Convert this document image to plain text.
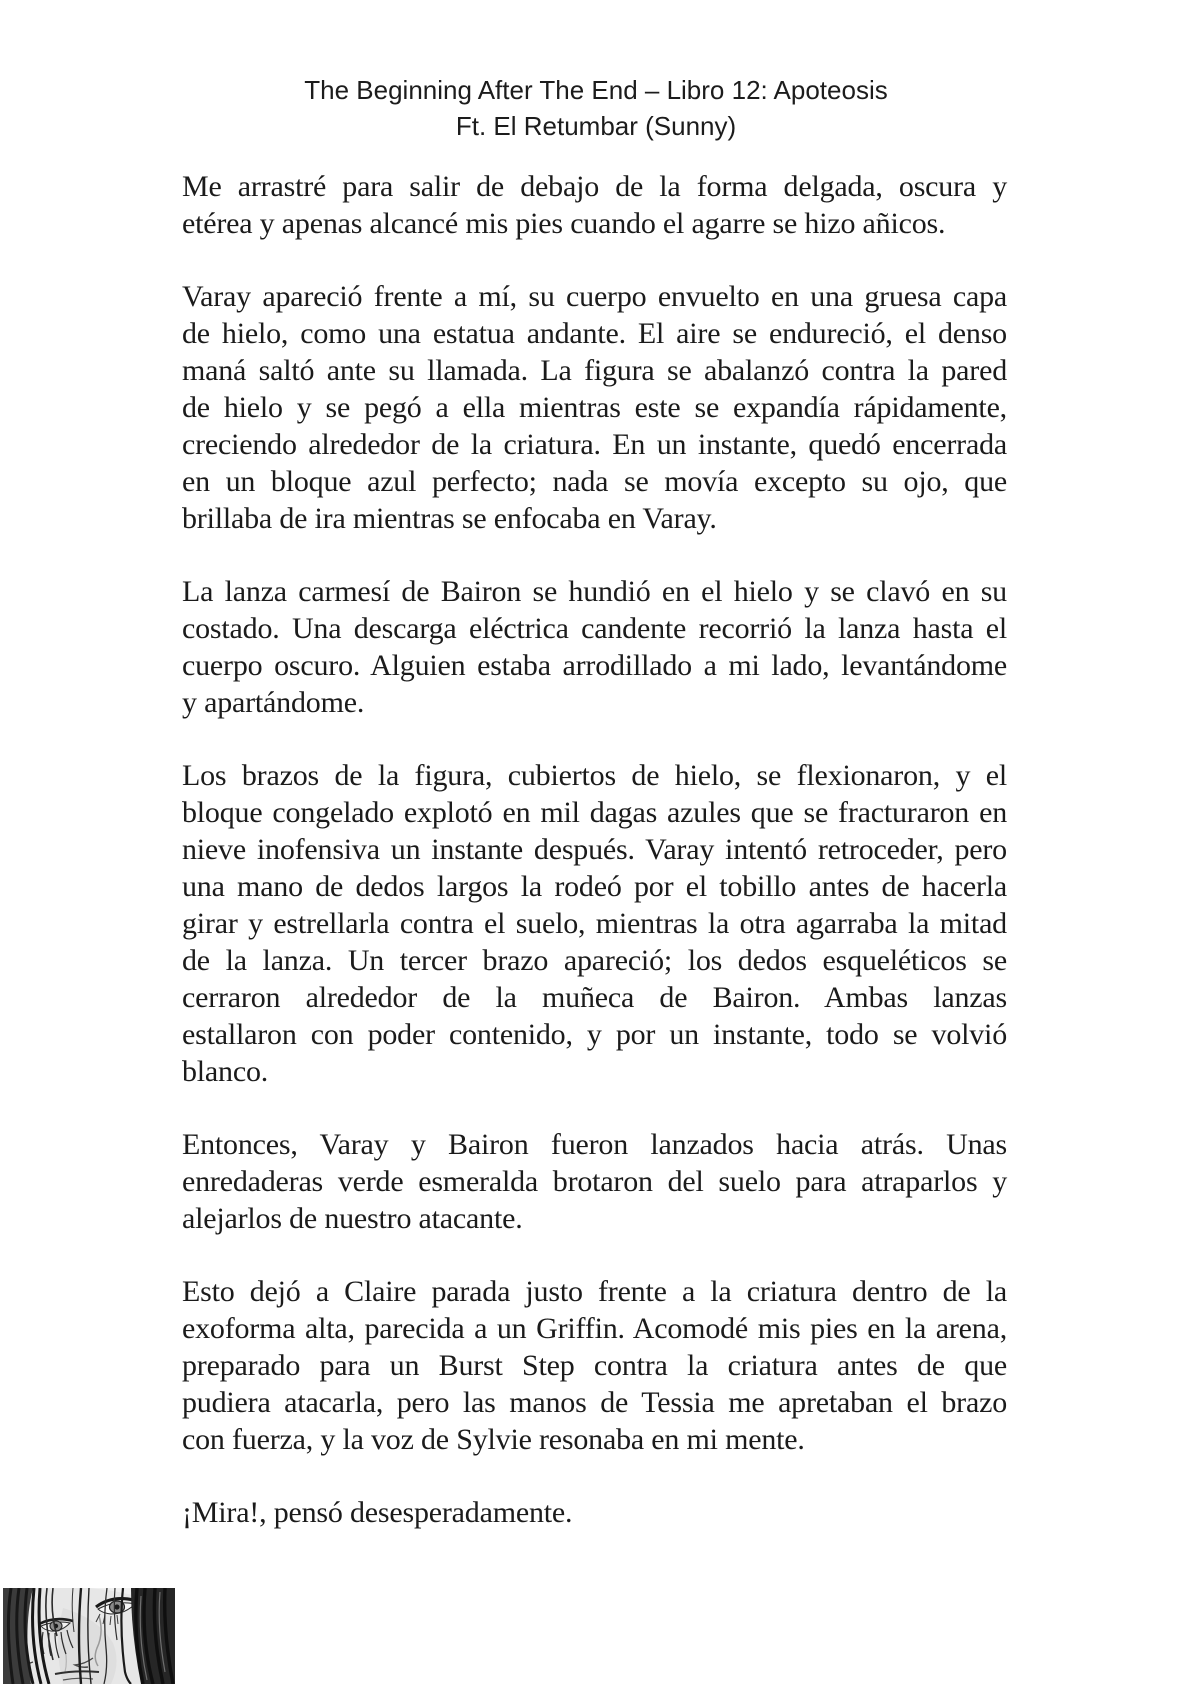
The Beginning After The End – Libro 12: Apoteosis
Ft. El Retumbar (Sunny)
Me arrastré para salir de debajo de la forma delgada, oscura y
etérea y apenas alcancé mis pies cuando el agarre se hizo añicos.
Varay apareció frente a mí, su cuerpo envuelto en una gruesa capa
de hielo, como una estatua andante. El aire se endureció, el denso
maná saltó ante su llamada. La figura se abalanzó contra la pared
de hielo y se pegó a ella mientras este se expandía rápidamente,
creciendo alrededor de la criatura. En un instante, quedó encerrada
en un bloque azul perfecto; nada se movía excepto su ojo, que
brillaba de ira mientras se enfocaba en Varay.
La lanza carmesí de Bairon se hundió en el hielo y se clavó en su
costado. Una descarga eléctrica candente recorrió la lanza hasta el
cuerpo oscuro. Alguien estaba arrodillado a mi lado, levantándome
y apartándome.
Los brazos de la figura, cubiertos de hielo, se flexionaron, y el
bloque congelado explotó en mil dagas azules que se fracturaron en
nieve inofensiva un instante después. Varay intentó retroceder, pero
una mano de dedos largos la rodeó por el tobillo antes de hacerla
girar y estrellarla contra el suelo, mientras la otra agarraba la mitad
de la lanza. Un tercer brazo apareció; los dedos esqueléticos se
cerraron alrededor de la muñeca de Bairon. Ambas lanzas
estallaron con poder contenido, y por un instante, todo se volvió
blanco.
Entonces, Varay y Bairon fueron lanzados hacia atrás. Unas
enredaderas verde esmeralda brotaron del suelo para atraparlos y
alejarlos de nuestro atacante.
Esto dejó a Claire parada justo frente a la criatura dentro de la
exoforma alta, parecida a un Griffin. Acomodé mis pies en la arena,
preparado para un Burst Step contra la criatura antes de que
pudiera atacarla, pero las manos de Tessia me apretaban el brazo
con fuerza, y la voz de Sylvie resonaba en mi mente.
¡Mira!, pensó desesperadamente.
